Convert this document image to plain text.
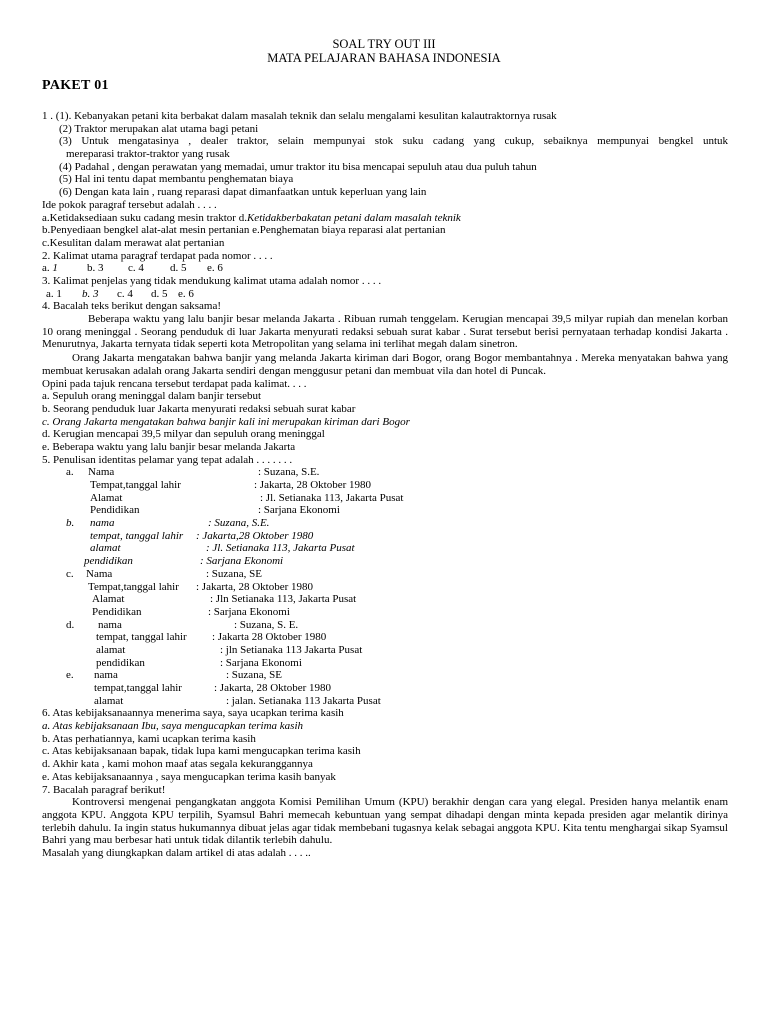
SOAL TRY OUT III
MATA PELAJARAN BAHASA INDONESIA
PAKET 01
1 . (1). Kebanyakan petani kita berbakat dalam masalah teknik dan selalu mengalami kesulitan kalautraktornya rusak
(2) Traktor merupakan alat utama bagi petani
(3) Untuk mengatasinya , dealer traktor, selain mempunyai stok suku cadang yang cukup, sebaiknya mempunyai bengkel untuk
mereparasi traktor-traktor yang rusak
(4) Padahal , dengan perawatan yang memadai, umur traktor itu bisa mencapai sepuluh atau dua puluh tahun
(5) Hal ini tentu dapat membantu penghematan biaya
(6) Dengan kata lain , ruang reparasi dapat dimanfaatkan untuk keperluan yang lain
Ide pokok paragraf tersebut adalah . . . .
a.Ketidaksediaan suku cadang mesin traktor d.Ketidakberbakatan petani dalam masalah teknik
b.Penyediaan bengkel alat-alat mesin pertanian e.Penghematan biaya reparasi alat pertanian
c.Kesulitan dalam merawat alat pertanian
2. Kalimat utama paragraf terdapat pada nomor . . . .
a. 1	b. 3 c. 4 d. 5 e. 6
3. Kalimat penjelas yang tidak mendukung kalimat utama adalah nomor . . . .
a. 1 b. 3 c. 4 d. 5 e. 6
4. Bacalah teks berikut dengan saksama!
Beberapa waktu yang lalu banjir besar melanda Jakarta . Ribuan rumah tenggelam. Kerugian mencapai 39,5 milyar rupiah dan menelan korban 10 orang meninggal . Seorang penduduk di luar Jakarta menyurati redaksi sebuah surat kabar . Surat tersebut berisi pernyataan terhadap kondisi Jakarta . Menurutnya, Jakarta ternyata tidak seperti kota Metropolitan yang selama ini terlihat megah dalam sinetron.
Orang Jakarta mengatakan bahwa banjir yang melanda Jakarta kiriman dari Bogor, orang Bogor membantahnya . Mereka menyatakan bahwa yang membuat kerusakan adalah orang Jakarta sendiri dengan menggusur petani dan membuat vila dan hotel di Puncak.
Opini pada tajuk rencana tersebut terdapat pada kalimat. . . .
a. Sepuluh orang meninggal dalam banjir tersebut
b. Seorang penduduk luar Jakarta menyurati redaksi sebuah surat kabar
c. Orang Jakarta mengatakan bahwa banjir kali ini merupakan kiriman dari Bogor
d. Kerugian mencapai 39,5 milyar dan sepuluh orang meninggal
e. Beberapa waktu yang lalu banjir besar melanda Jakarta
5. Penulisan identitas pelamar yang tepat adalah . . . . . . .
a. Nama	: Suzana, S.E.
Tempat,tanggal lahir	: Jakarta, 28 Oktober 1980
Alamat	: Jl. Setianaka 113, Jakarta Pusat
Pendidikan	: Sarjana Ekonomi
b. nama	: Suzana, S.E.
tempat, tanggal lahir : Jakarta,28 Oktober 1980
alamat	: Jl. Setianaka 113, Jakarta Pusat
pendidikan	: Sarjana Ekonomi
c. Nama	: Suzana, SE
Tempat,tanggal lahir : Jakarta, 28 Oktober 1980
Alamat	: Jln Setianaka 113, Jakarta Pusat
Pendidikan	: Sarjana Ekonomi
d. nama	: Suzana, S. E.
tempat, tanggal lahir : Jakarta 28 Oktober 1980
alamat	: jln Setianaka 113 Jakarta Pusat
pendidikan	: Sarjana Ekonomi
e. nama	: Suzana, SE
tempat,tanggal lahir	: Jakarta, 28 Oktober 1980
alamat	: jalan. Setianaka 113 Jakarta Pusat
6. Atas kebijaksanaannya menerima saya, saya ucapkan terima kasih
a. Atas kebijaksanaan Ibu, saya mengucapkan terima kasih
b. Atas perhatiannya, kami ucapkan terima kasih
c. Atas kebijaksanaan bapak, tidak lupa kami mengucapkan terima kasih
d. Akhir kata , kami mohon maaf atas segala kekuranggannya
e. Atas kebijaksanaannya , saya mengucapkan terima kasih banyak
7. Bacalah paragraf berikut!
Kontroversi mengenai pengangkatan anggota Komisi Pemilihan Umum (KPU) berakhir dengan cara yang elegal. Presiden hanya melantik enam anggota KPU. Anggota KPU terpilih, Syamsul Bahri memecah kebuntuan yang sempat dihadapi dengan minta kepada presiden agar melantik dirinya terlebih dahulu. Ia ingin status hukumannya dibuat jelas agar tidak membebani tugasnya kelak sebagai anggota KPU. Kita tentu menghargai sikap Syamsul Bahri yang mau berbesar hati untuk tidak dilantik terlebih dahulu.
Masalah yang diungkapkan dalam artikel di atas adalah . . . ..
